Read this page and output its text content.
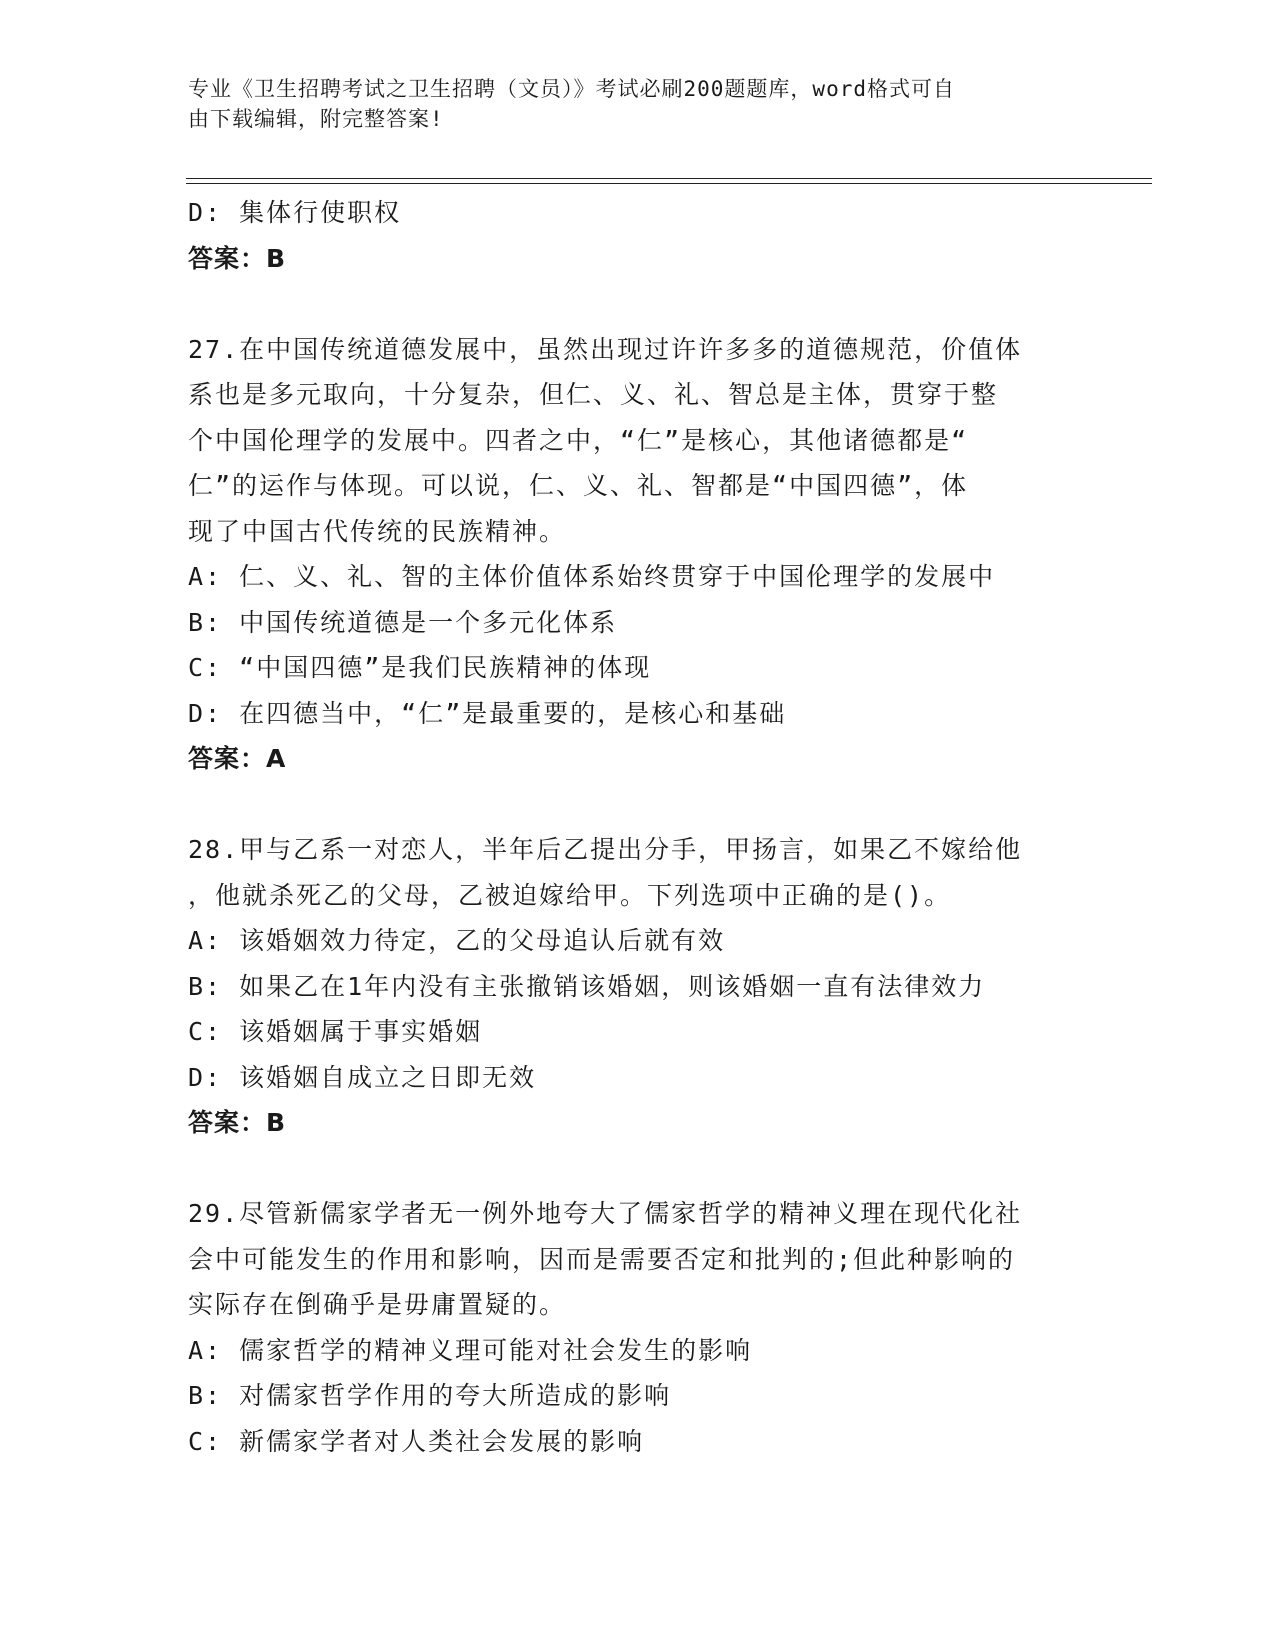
专业《卫生招聘考试之卫生招聘（文员）》考试必刷200题题库，word格式可自
由下载编辑，附完整答案!
D: 集体行使职权
答案：B
27.在中国传统道德发展中，虽然出现过许许多多的道德规范，价值体
系也是多元取向，十分复杂，但仁、义、礼、智总是主体，贯穿于整
个中国伦理学的发展中。四者之中，“仁”是核心，其他诸德都是“
仁”的运作与体现。可以说，仁、义、礼、智都是“中国四德”，体
现了中国古代传统的民族精神。
A: 仁、义、礼、智的主体价值体系始终贯穿于中国伦理学的发展中
B: 中国传统道德是一个多元化体系
C: “中国四德”是我们民族精神的体现
D: 在四德当中，“仁”是最重要的，是核心和基础
答案：A
28.甲与乙系一对恋人，半年后乙提出分手，甲扬言，如果乙不嫁给他
，他就杀死乙的父母，乙被迫嫁给甲。下列选项中正确的是()。
A: 该婚姻效力待定，乙的父母追认后就有效
B: 如果乙在1年内没有主张撤销该婚姻，则该婚姻一直有法律效力
C: 该婚姻属于事实婚姻
D: 该婚姻自成立之日即无效
答案：B
29.尽管新儒家学者无一例外地夸大了儒家哲学的精神义理在现代化社
会中可能发生的作用和影响，因而是需要否定和批判的;但此种影响的
实际存在倒确乎是毋庸置疑的。
A: 儒家哲学的精神义理可能对社会发生的影响
B: 对儒家哲学作用的夸大所造成的影响
C: 新儒家学者对人类社会发展的影响
